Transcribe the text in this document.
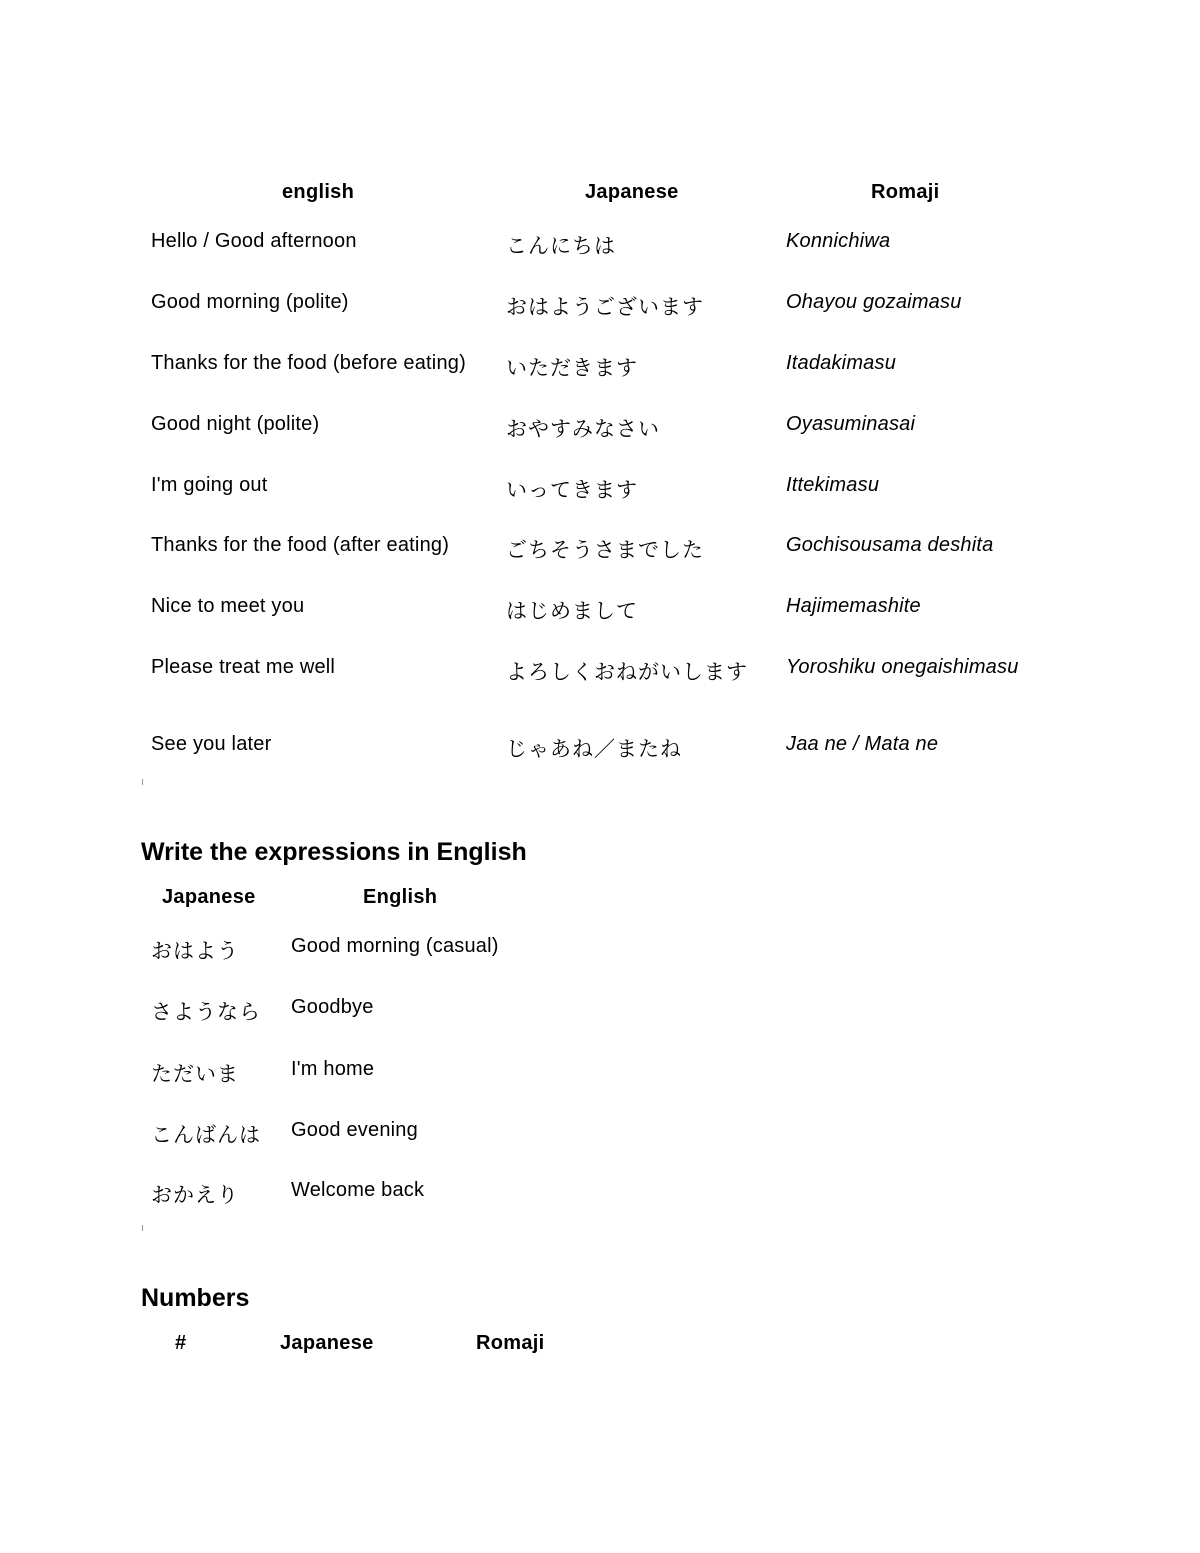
english	Japanese	Romaji
Hello / Good afternoon	こんにちは	Konnichiwa
Good morning (polite)	おはようございます	Ohayou gozaimasu
Thanks for the food (before eating) いただきます	Itadakimasu
Good night (polite)	おやすみなさい	Oyasuminasai
I'm going out	いってきます	Ittekimasu
Thanks for the food (after eating)	ごちそうさまでした	Gochisousama deshita
Nice to meet you	はじめまして	Hajimemashite
Please treat me well	よろしくおねがいします Yoroshiku onegaishimasu
See you later	じゃあね／またね	Jaa ne / Mata ne
Write the expressions in English
Japanese	English
おはよう	Good morning (casual)
さようなら Goodbye
ただいま	I'm home
こんばんは Good evening
おかえり	Welcome back
Numbers
#	Japanese	Romaji
